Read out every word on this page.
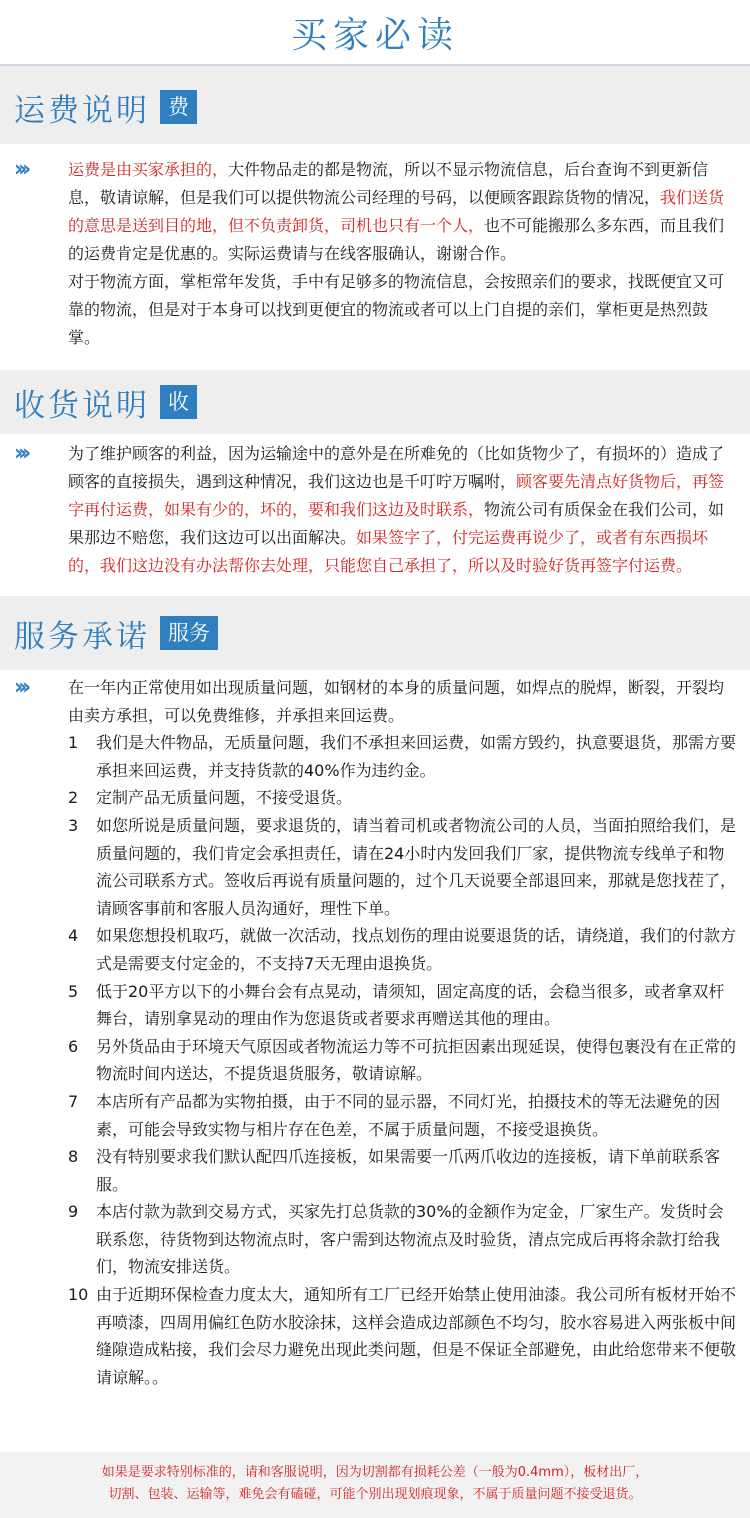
买家必读
运费说明 费
›››	运费是由买家承担的，大件物品走的都是物流，所以不显示物流信息，后台查询不到更新信息，敬请谅解，但是我们可以提供物流公司经理的号码，以便顾客跟踪货物的情况，我们送货的意思是送到目的地，但不负责卸货，司机也只有一个人，也不可能搬那么多东西，而且我们的运费肯定是优惠的。实际运费请与在线客服确认，谢谢合作。
对于物流方面，掌柜常年发货，手中有足够多的物流信息，会按照亲们的要求，找既便宜又可靠的物流，但是对于本身可以找到更便宜的物流或者可以上门自提的亲们，掌柜更是热烈鼓掌。
收货说明 收
›››	为了维护顾客的利益，因为运输途中的意外是在所难免的（比如货物少了，有损坏的）造成了顾客的直接损失，遇到这种情况，我们这边也是千叮咛万嘱咐，顾客要先清点好货物后，再签字再付运费，如果有少的，坏的，要和我们这边及时联系，物流公司有质保金在我们公司，如果那边不赔您，我们这边可以出面解决。如果签字了，付完运费再说少了，或者有东西损坏的，我们这边没有办法帮你去处理，只能您自己承担了，所以及时验好货再签字付运费。
服务承诺 服务
›››	在一年内正常使用如出现质量问题，如钢材的本身的质量问题，如焊点的脱焊，断裂，开裂均由卖方承担，可以免费维修，并承担来回运费。
1	我们是大件物品，无质量问题，我们不承担来回运费，如需方毁约，执意要退货，那需方要承担来回运费，并支持货款的40%作为违约金。
2	定制产品无质量问题，不接受退货。
3	如您所说是质量问题，要求退货的，请当着司机或者物流公司的人员，当面拍照给我们，是质量问题的，我们肯定会承担责任，请在24小时内发回我们厂家，提供物流专线单子和物流公司联系方式。签收后再说有质量问题的，过个几天说要全部退回来，那就是您找茬了，请顾客事前和客服人员沟通好，理性下单。
4	如果您想投机取巧，就做一次活动，找点划伤的理由说要退货的话，请绕道，我们的付款方式是需要支付定金的，不支持7天无理由退换货。
5	低于20平方以下的小舞台会有点晃动，请须知，固定高度的话，会稳当很多，或者拿双杆舞台，请别拿晃动的理由作为您退货或者要求再赠送其他的理由。
6	另外货品由于环境天气原因或者物流运力等不可抗拒因素出现延误，使得包裹没有在正常的物流时间内送达，不提货退货服务，敬请谅解。
7	本店所有产品都为实物拍摄，由于不同的显示器，不同灯光，拍摄技术的等无法避免的因素，可能会导致实物与相片存在色差，不属于质量问题，不接受退换货。
8	没有特别要求我们默认配四爪连接板，如果需要一爪两爪收边的连接板，请下单前联系客服。
9	本店付款为款到交易方式，买家先打总货款的30%的金额作为定金，厂家生产。发货时会联系您，待货物到达物流点时，客户需到达物流点及时验货，清点完成后再将余款打给我们，物流安排送货。
10 由于近期环保检查力度太大，通知所有工厂已经开始禁止使用油漆。我公司所有板材开始不再喷漆，四周用偏红色防水胶涂抹，这样会造成边部颜色不均匀，胶水容易进入两张板中间缝隙造成粘接，我们会尽力避免出现此类问题，但是不保证全部避免，由此给您带来不便敬请谅解。。
如果是要求特别标准的，请和客服说明，因为切割都有损耗公差（一般为0.4mm），板材出厂，
切割、包装、运输等，难免会有磕碰，可能个别出现划痕现象，不属于质量问题不接受退货。
